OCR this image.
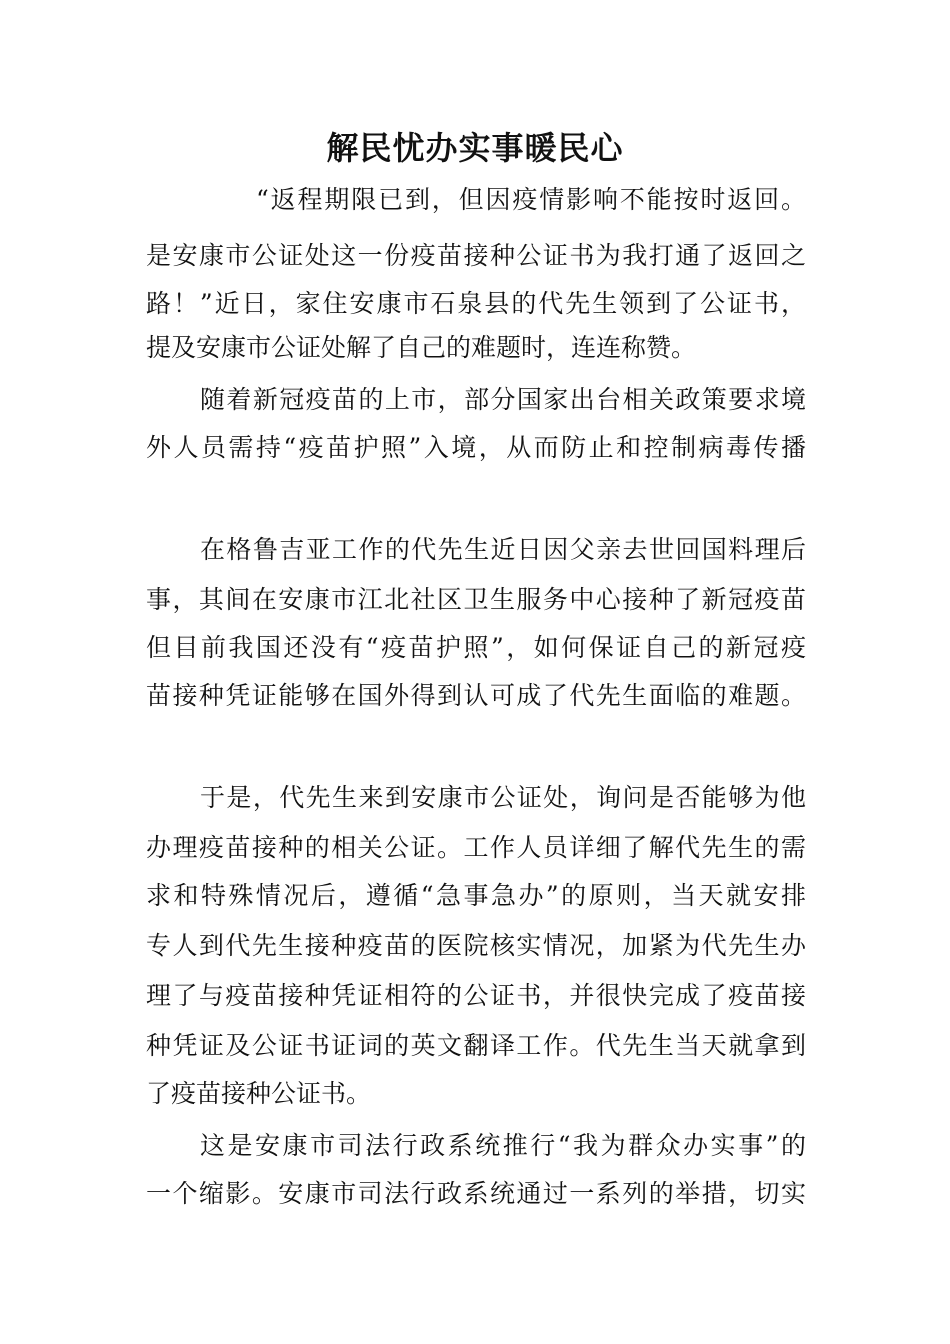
解民忧办实事暖民心
“返程期限已到，但因疫情影响不能按时返回。
是安康市公证处这一份疫苗接种公证书为我打通了返回之
路！”近日，家住安康市石泉县的代先生领到了公证书，
提及安康市公证处解了自己的难题时，连连称赞。
随着新冠疫苗的上市，部分国家出台相关政策要求境
外人员需持“疫苗护照”入境，从而防止和控制病毒传播
在格鲁吉亚工作的代先生近日因父亲去世回国料理后
事，其间在安康市江北社区卫生服务中心接种了新冠疫苗
但目前我国还没有“疫苗护照”，如何保证自己的新冠疫
苗接种凭证能够在国外得到认可成了代先生面临的难题。
于是，代先生来到安康市公证处，询问是否能够为他
办理疫苗接种的相关公证。工作人员详细了解代先生的需
求和特殊情况后，遵循“急事急办”的原则，当天就安排
专人到代先生接种疫苗的医院核实情况，加紧为代先生办
理了与疫苗接种凭证相符的公证书，并很快完成了疫苗接
种凭证及公证书证词的英文翻译工作。代先生当天就拿到
了疫苗接种公证书。
这是安康市司法行政系统推行“我为群众办实事”的
一个缩影。安康市司法行政系统通过一系列的举措，切实
